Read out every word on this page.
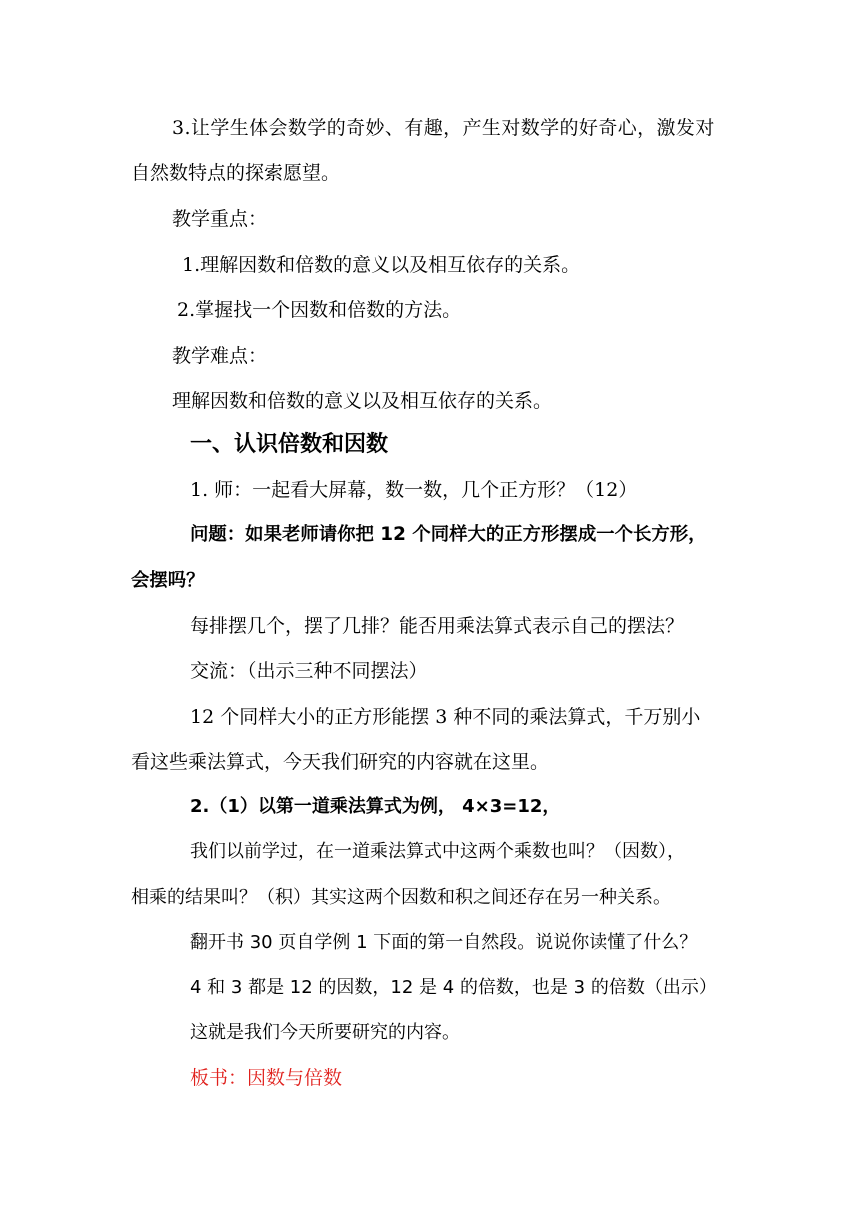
3.让学生体会数学的奇妙、有趣，产生对数学的好奇心，激发对
自然数特点的探索愿望。
教学重点：
1.理解因数和倍数的意义以及相互依存的关系。
2.掌握找一个因数和倍数的方法。
教学难点：
理解因数和倍数的意义以及相互依存的关系。
一、认识倍数和因数
1. 师：一起看大屏幕，数一数，几个正方形？（12）
问题：如果老师请你把 12 个同样大的正方形摆成一个长方形，
会摆吗？
每排摆几个，摆了几排？能否用乘法算式表示自己的摆法？
交流：（出示三种不同摆法）
12 个同样大小的正方形能摆 3 种不同的乘法算式，千万别小
看这些乘法算式，今天我们研究的内容就在这里。
2.（1）以第一道乘法算式为例， 4×3=12，
我们以前学过，在一道乘法算式中这两个乘数也叫？（因数），
相乘的结果叫？（积）其实这两个因数和积之间还存在另一种关系。
翻开书 30 页自学例 1 下面的第一自然段。说说你读懂了什么？
4 和 3 都是 12 的因数，12 是 4 的倍数，也是 3 的倍数（出示）
这就是我们今天所要研究的内容。
板书：因数与倍数
